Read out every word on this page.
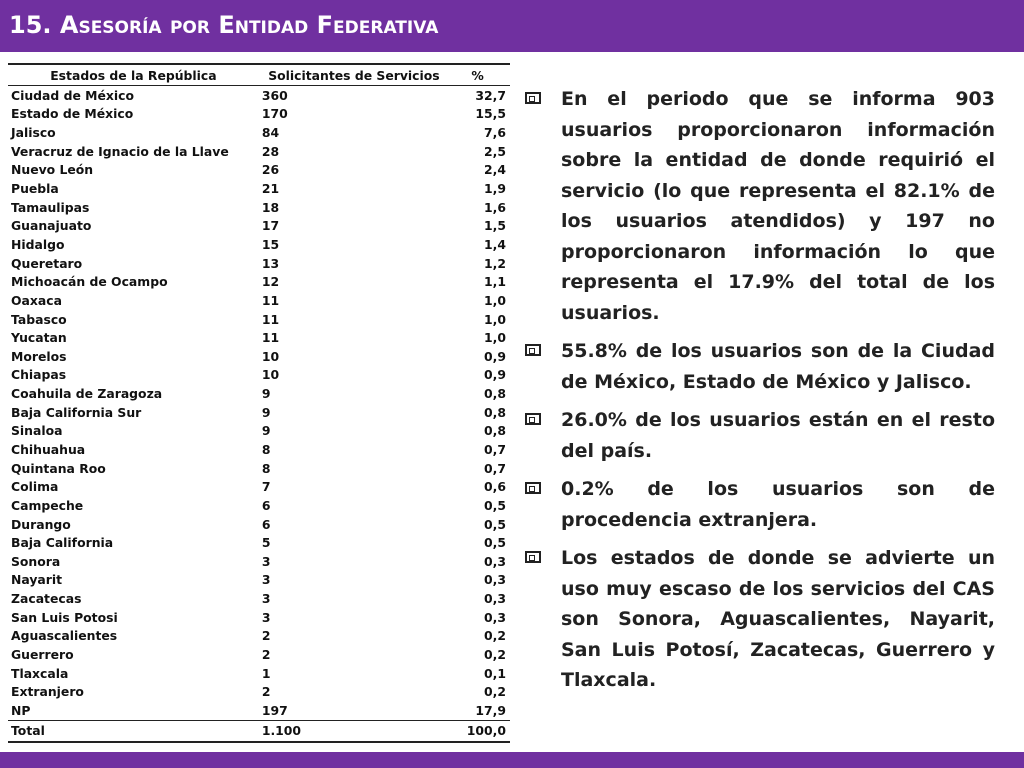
15. ASESORÍA POR ENTIDAD FEDERATIVA
Estados de la República	Solicitantes de Servicios	%
Ciudad de México	360	32,7
Estado de México	170	15,5
Jalisco	84	7,6
Veracruz de Ignacio de la Llave	28	2,5
Nuevo León	26	2,4
Puebla	21	1,9
Tamaulipas	18	1,6
Guanajuato	17	1,5
Hidalgo	15	1,4
Queretaro	13	1,2
Michoacán de Ocampo	12	1,1
Oaxaca	11	1,0
Tabasco	11	1,0
Yucatan	11	1,0
Morelos	10	0,9
Chiapas	10	0,9
Coahuila de Zaragoza	9	0,8
Baja California Sur	9	0,8
Sinaloa	9	0,8
Chihuahua	8	0,7
Quintana Roo	8	0,7
Colima	7	0,6
Campeche	6	0,5
Durango	6	0,5
Baja California	5	0,5
Sonora	3	0,3
Nayarit	3	0,3
Zacatecas	3	0,3
San Luis Potosi	3	0,3
Aguascalientes	2	0,2
Guerrero	2	0,2
Tlaxcala	1	0,1
Extranjero	2	0,2
NP	197	17,9
Total	1.100	100,0
En el periodo que se informa 903 usuarios proporcionaron información sobre la entidad de donde requirió el servicio (lo que representa el 82.1% de los usuarios atendidos) y 197 no proporcionaron información lo que representa el 17.9% del total de los usuarios.
55.8% de los usuarios son de la Ciudad de México, Estado de México y Jalisco.
26.0% de los usuarios están en el resto del país.
0.2% de los usuarios son de procedencia extranjera.
Los estados de donde se advierte un uso muy escaso de los servicios del CAS son Sonora, Aguascalientes, Nayarit, San Luis Potosí, Zacatecas, Guerrero y Tlaxcala.
